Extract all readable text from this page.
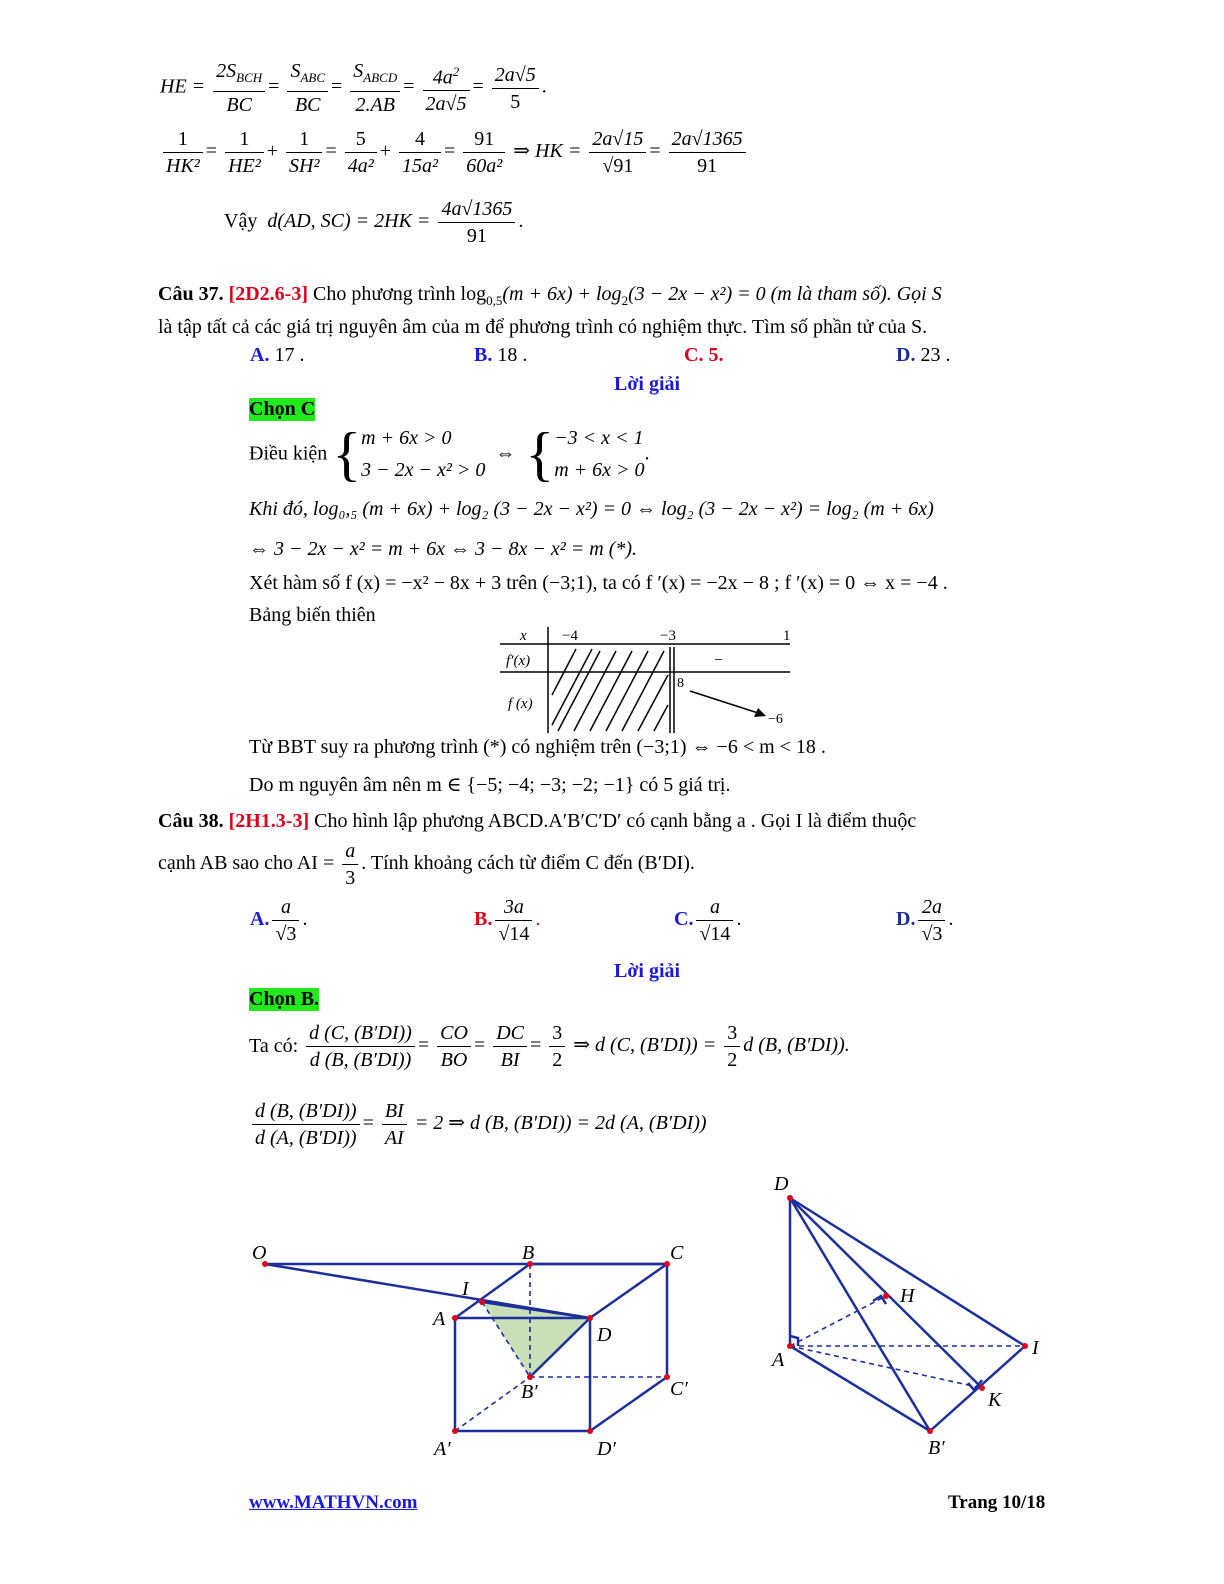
HE = $\frac{2S_{BCH}}{BC} = \frac{S_{ABC}}{BC} = \frac{S_{ABCD}}{2.AB} = \frac{4a^2}{2a√5} = \frac{2a√5}{5}$ .
$\frac{1}{\text{HK²}} = \frac{1}{\text{HE²}} + \frac{1}{\text{SH²}} = \frac{5}{\text{4a²}} + \frac{4}{\text{15a²}} = \frac{91}{\text{60a²}}$ ⇒ HK = $\frac{2a√15}{√91} = \frac{2a√1365}{91}$
Vậy d(AD, $SC) = 2HK = \frac{4a√1365}{91}$ .
Câu 37. [2D2.6-3] Cho phương trình $\log_{0,5}(m + 6x) + \log_2(3 - 2x - x^2) = 0$ (m là tham số). Gọi S
là tập tất cả các giá trị nguyên âm của m để phương trình có nghiệm thực. Tìm số phần tử của S.
A. 17 .	B. 18 .	C. 5.	D. 23 .
Lời giải
Chọn C
Điều kiện { m + 6x > 0
3 − 2x − x² > 0
⇔  { −3 < x < 1
m + 6x > 0
.
Khi đó, log₀,₅ (m + 6x) + log₂ (3 − 2x − x²) = 0 ⇔ log₂ (3 − 2x − x²) = log₂ (m + 6x)
⇔ 3 − 2x − x² = m + 6x ⇔ 3 − 8x − x² = m (*).
Xét hàm số f (x) = −x² − 8x + 3 trên (−3;1), ta có f ′(x) = −2x − 8 ; f ′(x) = 0 ⇔ x = −4 .
Bảng biến thiên
x −4	−3	1
f′(x)	−
f (x)
8
−6
Từ BBT suy ra phương trình (*) có nghiệm trên (−3;1) ⇔ −6 < m < 18 .
Do m nguyên âm nên m ∈ {−5; −4; −3; −2; −1} có 5 giá trị.
Câu 38. [2H1.3-3] Cho hình lập phương ABCD.A′B′C′D′ có cạnh bằng a . Gọi I là điểm thuộc
cạnh AB sao cho AI = $\frac{a}{3}$ . Tính khoảng cách từ điểm C đến (B′DI).
A. $\frac{a}{√3}$ .	B. $\frac{3a}{√14}$ .	C. $\frac{a}{√14}$ .	D. $\frac{2a}{√3}$ .
Lời giải
Chọn B.
Ta có: $\frac{d (C, (B'DI))}{d (B, (B'DI))} = \frac{CO}{BO} = \frac{DC}{BI} = \frac{3}{2}$ ⇒ d (C, $(B'DI)) = \frac{3}{2}$ d (B, (B′DI)).
$\frac{d (B, (B'DI))}{d (A, (B'DI))} = \frac{BI}{AI} = 2$ ⇒ d (B, (B′DI)) = 2d (A, (B′DI))
O	B	C
I
A
D
B′	C′
A′	D′
D
H
A
I
K
B′
www.MATHVN.com	Trang 10/18
